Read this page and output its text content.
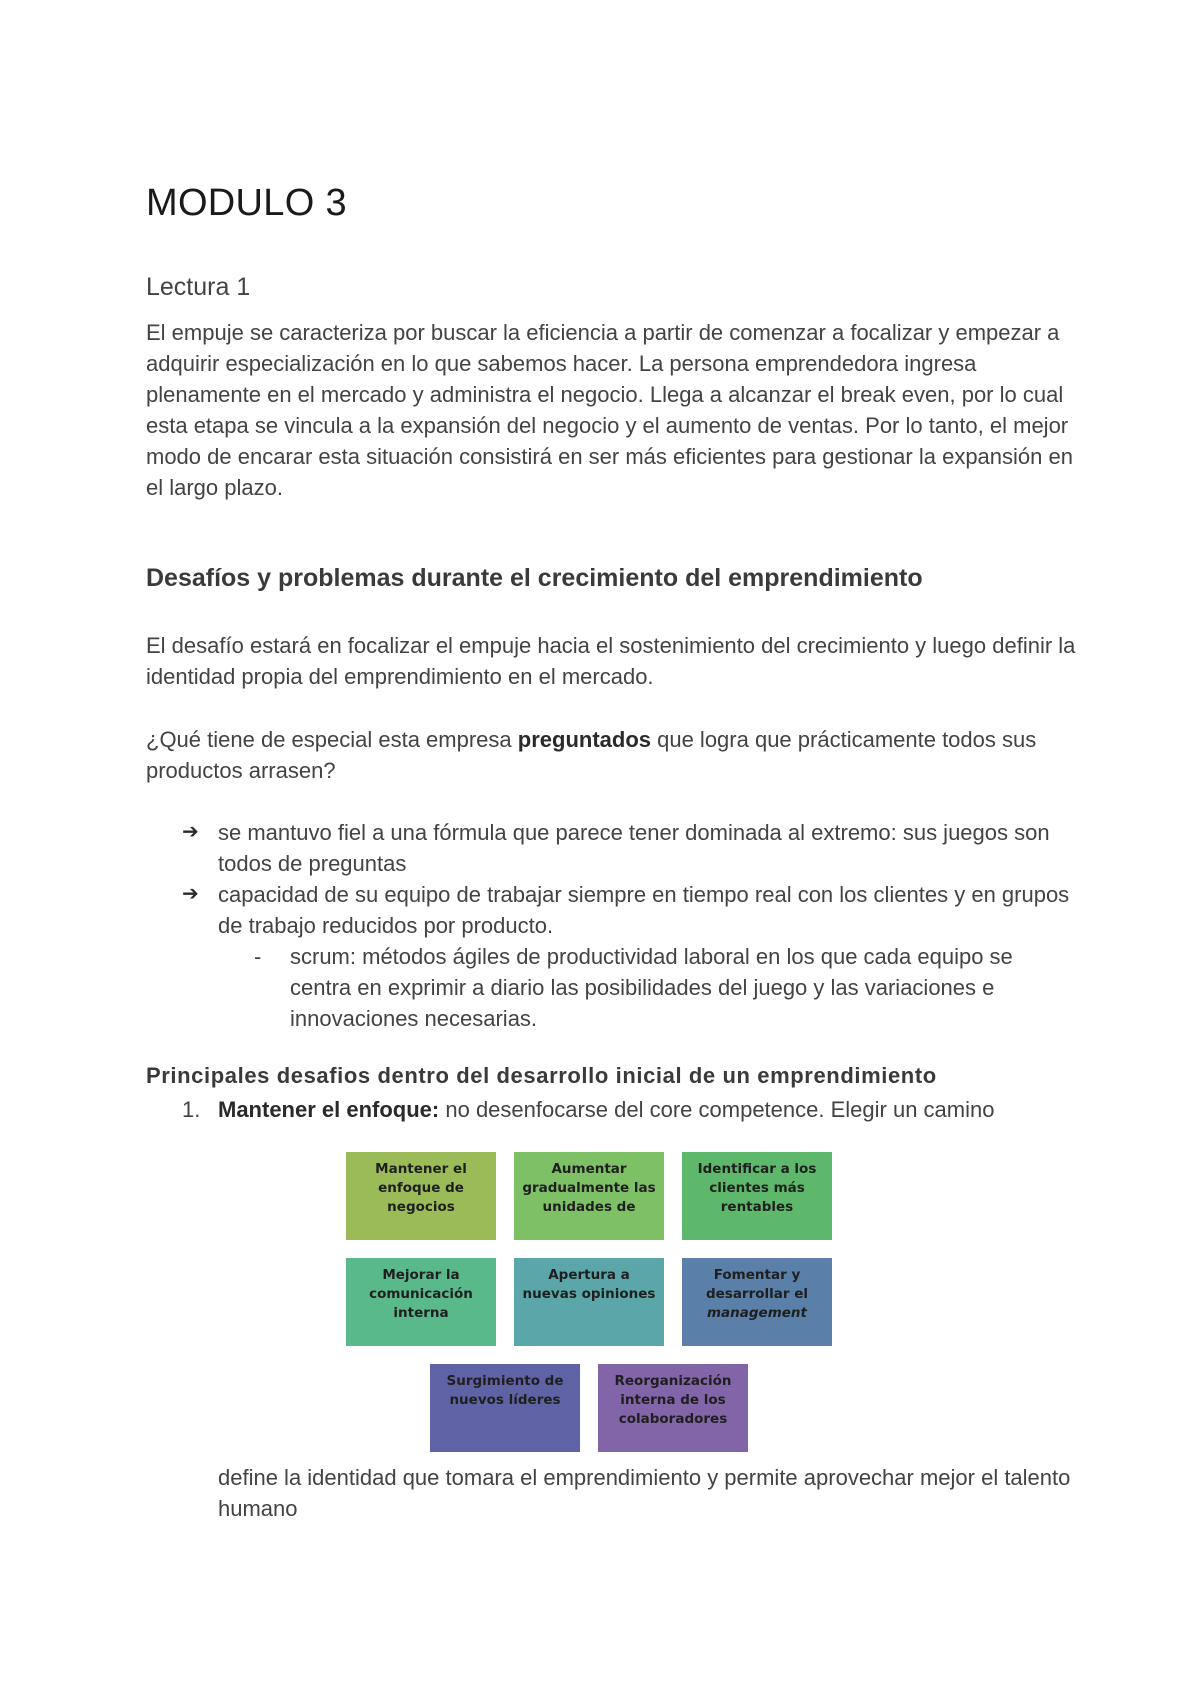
MODULO 3
Lectura 1

El empuje se caracteriza por buscar la eficiencia a partir de comenzar a focalizar y empezar a adquirir especialización en lo que sabemos hacer. La persona emprendedora ingresa plenamente en el mercado y administra el negocio. Llega a alcanzar el break even, por lo cual esta etapa se vincula a la expansión del negocio y el aumento de ventas. Por lo tanto, el mejor modo de encarar esta situación consistirá en ser más eficientes para gestionar la expansión en el largo plazo.

Desafíos y problemas durante el crecimiento del emprendimiento

El desafío estará en focalizar el empuje hacia el sostenimiento del crecimiento y luego definir la identidad propia del emprendimiento en el mercado.

¿Qué tiene de especial esta empresa preguntados que logra que prácticamente todos sus productos arrasen?

➔ se mantuvo fiel a una fórmula que parece tener dominada al extremo: sus juegos son todos de preguntas
➔ capacidad de su equipo de trabajar siempre en tiempo real con los clientes y en grupos de trabajo reducidos por producto.
- scrum: métodos ágiles de productividad laboral en los que cada equipo se centra en exprimir a diario las posibilidades del juego y las variaciones e innovaciones necesarias.
Principales desafios dentro del desarrollo inicial de un emprendimiento
1. Mantener el enfoque: no desenfocarse del core competence. Elegir un camino
Mantener el enfoque de negocios
Aumentar gradualmente las unidades de
Identificar a los clientes más rentables
Mejorar la comunicación interna
Apertura a nuevas opiniones
Fomentar y desarrollar el management
Surgimiento de nuevos líderes
Reorganización interna de los colaboradores

define la identidad que tomara el emprendimiento y permite aprovechar mejor el talento humano
